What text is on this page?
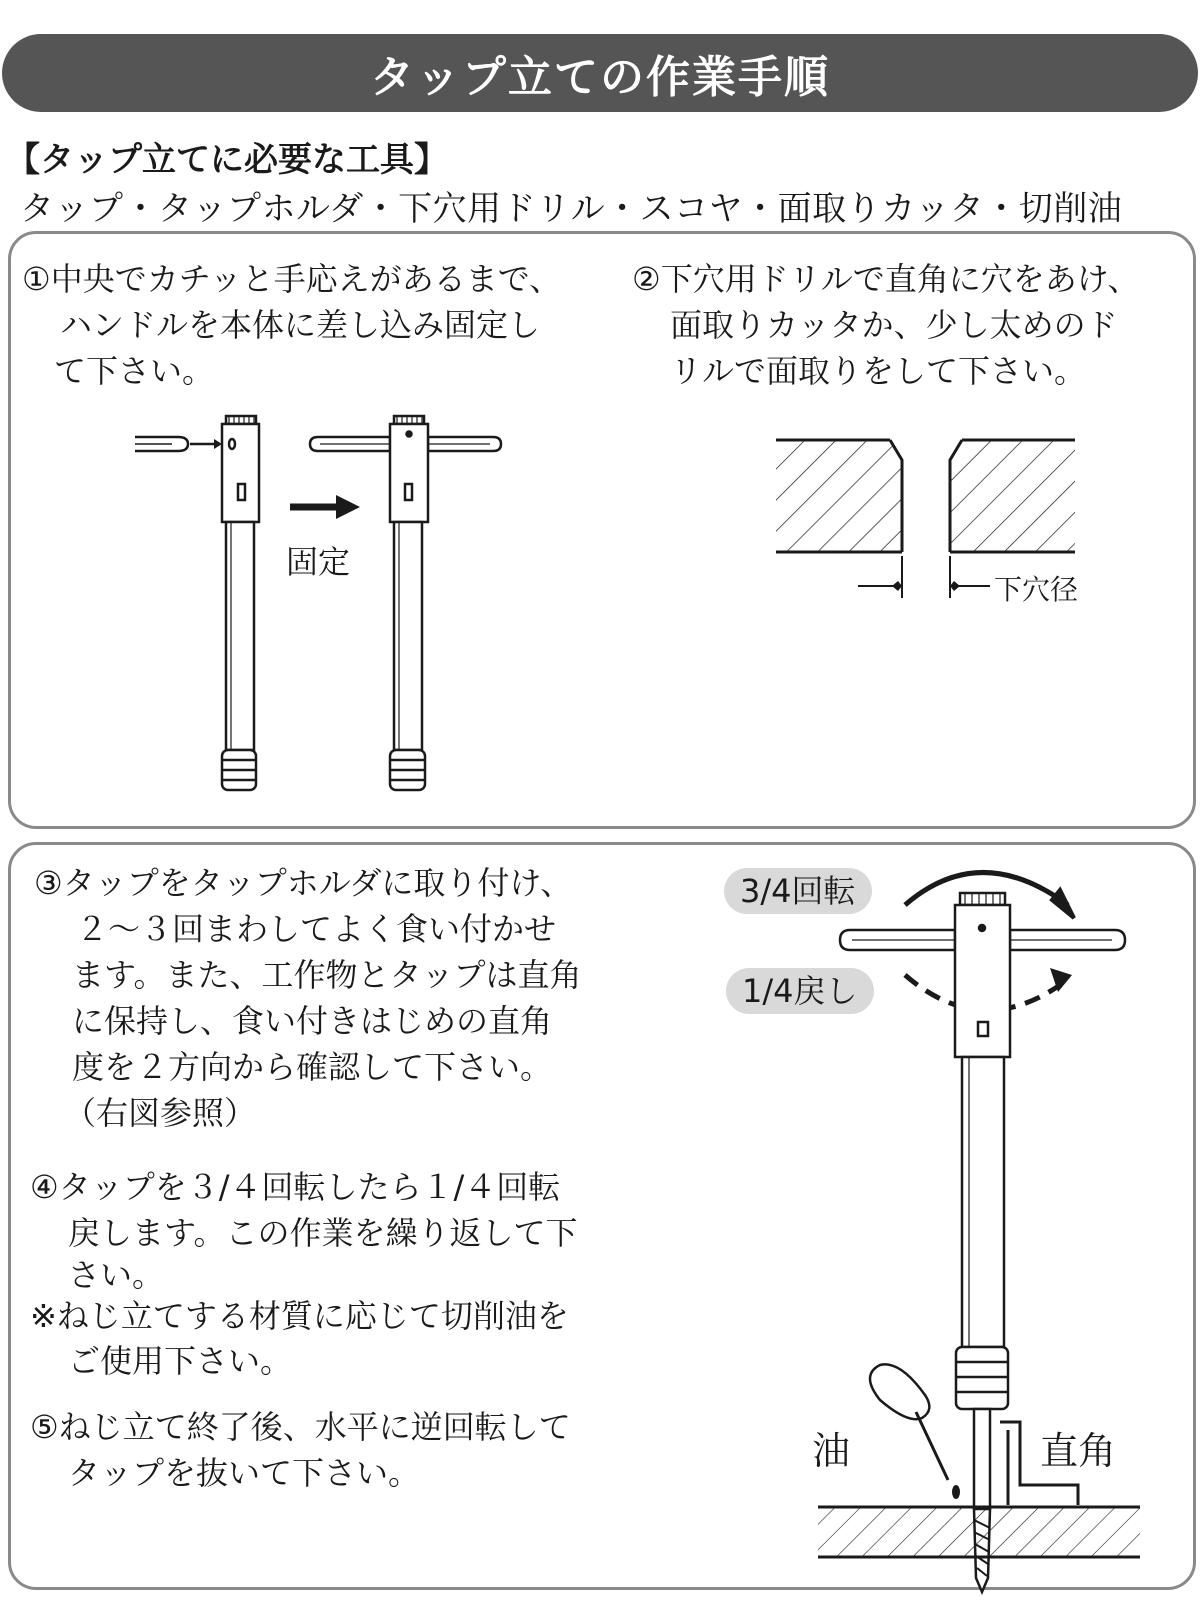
タップ立ての作業手順
【タップ立てに必要な工具】
タップ・タップホルダ・下穴用ドリル・スコヤ・面取りカッタ・切削油
①中央でカチッと手応えがあるまで、
ハンドルを本体に差し込み固定し
て下さい。
②下穴用ドリルで直角に穴をあけ、
面取りカッタか、少し太めのド
リルで面取りをして下さい。
固定
下穴径
③タップをタップホルダに取り付け、
２～３回まわしてよく食い付かせ
ます。また、工作物とタップは直角
に保持し、食い付きはじめの直角
度を２方向から確認して下さい。
（右図参照）
④タップを３/４回転したら１/４回転
戻します。この作業を繰り返して下
さい。
※ねじ立てする材質に応じて切削油を
ご使用下さい。
⑤ねじ立て終了後、水平に逆回転して
タップを抜いて下さい。
3/4回転
1/4戻し
油	直角
